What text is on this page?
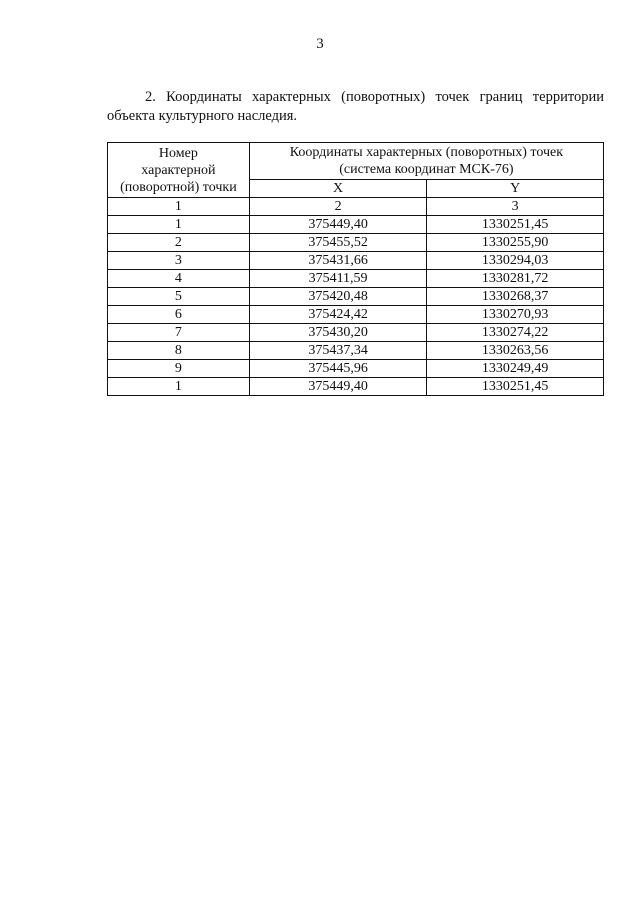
3
2. Координаты характерных (поворотных) точек границ территории
объекта культурного наследия.
Номер
характерной
(поворотной) точки	Координаты характерных (поворотных) точек
(система координат МСК-76)	
	X	Y
1	2	3
1	375449,40	1330251,45
2	375455,52	1330255,90
3	375431,66	1330294,03
4	375411,59	1330281,72
5	375420,48	1330268,37
6	375424,42	1330270,93
7	375430,20	1330274,22
8	375437,34	1330263,56
9	375445,96	1330249,49
1	375449,40	1330251,45
